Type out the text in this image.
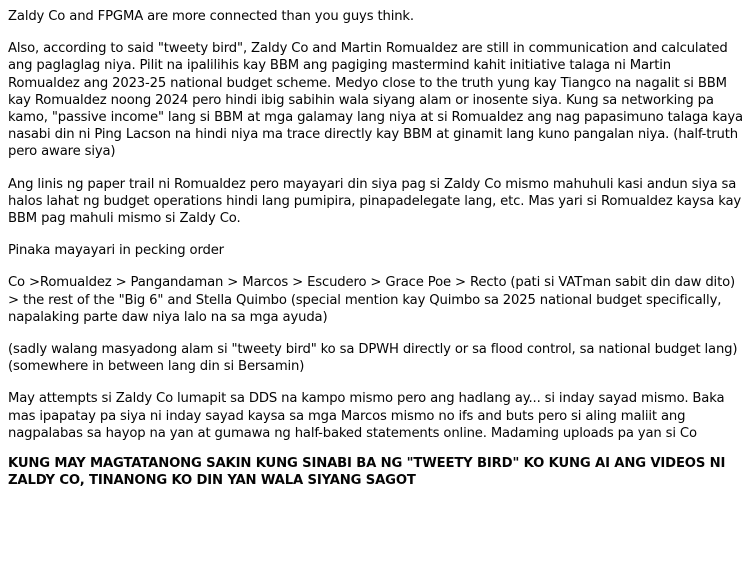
Zaldy Co and FPGMA are more connected than you guys think.

Also, according to said "tweety bird", Zaldy Co and Martin Romualdez are still in communication and calculated ang paglaglag niya. Pilit na ipalilihis kay BBM ang pagiging mastermind kahit initiative talaga ni Martin Romualdez ang 2023-25 national budget scheme. Medyo close to the truth yung kay Tiangco na nagalit si BBM kay Romualdez noong 2024 pero hindi ibig sabihin wala siyang alam or inosente siya. Kung sa networking pa kamo, "passive income" lang si BBM at mga galamay lang niya at si Romualdez ang nag papasimuno talaga kaya nasabi din ni Ping Lacson na hindi niya ma trace directly kay BBM at ginamit lang kuno pangalan niya. (half-truth pero aware siya)

Ang linis ng paper trail ni Romualdez pero mayayari din siya pag si Zaldy Co mismo mahuhuli kasi andun siya sa halos lahat ng budget operations hindi lang pumipira, pinapadelegate lang, etc. Mas yari si Romualdez kaysa kay BBM pag mahuli mismo si Zaldy Co.

Pinaka mayayari in pecking order

Co >Romualdez > Pangandaman > Marcos > Escudero > Grace Poe > Recto (pati si VATman sabit din daw dito) > the rest of the "Big 6" and Stella Quimbo (special mention kay Quimbo sa 2025 national budget specifically, napalaking parte daw niya lalo na sa mga ayuda)

(sadly walang masyadong alam si "tweety bird" ko sa DPWH directly or sa flood control, sa national budget lang) (somewhere in between lang din si Bersamin)

May attempts si Zaldy Co lumapit sa DDS na kampo mismo pero ang hadlang ay... si inday sayad mismo. Baka mas ipapatay pa siya ni inday sayad kaysa sa mga Marcos mismo no ifs and buts pero si aling maliit ang nagpalabas sa hayop na yan at gumawa ng half-baked statements online. Madaming uploads pa yan si Co

KUNG MAY MAGTATANONG SAKIN KUNG SINABI BA NG "TWEETY BIRD" KO KUNG AI ANG VIDEOS NI ZALDY CO, TINANONG KO DIN YAN WALA SIYANG SAGOT
